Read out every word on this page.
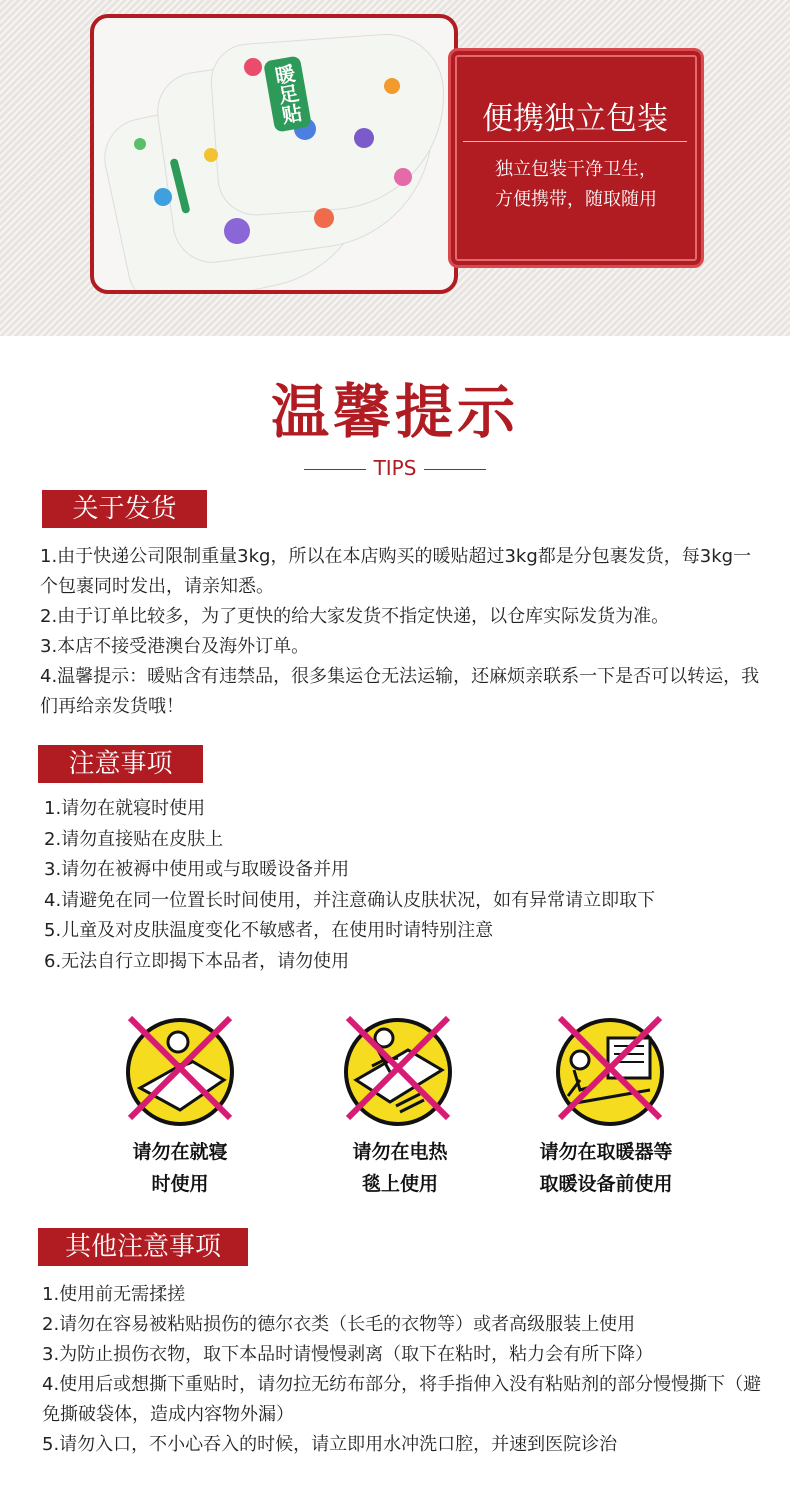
暖足贴	便携独立包装
独立包装干净卫生，
方便携带，随取随用
温馨提示
TIPS
关于发货

1.由于快递公司限制重量3kg，所以在本店购买的暖贴超过3kg都是分包裹发货，每3kg一个包裹同时发出，请亲知悉。

2.由于订单比较多，为了更快的给大家发货不指定快递，以仓库实际发货为准。

3.本店不接受港澳台及海外订单。

4.温馨提示：暖贴含有违禁品，很多集运仓无法运输，还麻烦亲联系一下是否可以转运，我们再给亲发货哦！

注意事项
1.请勿在就寝时使用
2.请勿直接贴在皮肤上
3.请勿在被褥中使用或与取暖设备并用
4.请避免在同一位置长时间使用，并注意确认皮肤状况，如有异常请立即取下
5.儿童及对皮肤温度变化不敏感者，在使用时请特别注意
6.无法自行立即揭下本品者，请勿使用
请勿在就寝
时使用
请勿在电热
毯上使用
请勿在取暖器等
取暖设备前使用
其他注意事项

1.使用前无需揉搓

2.请勿在容易被粘贴损伤的德尔衣类（长毛的衣物等）或者高级服装上使用

3.为防止损伤衣物，取下本品时请慢慢剥离（取下在粘时，粘力会有所下降）

4.使用后或想撕下重贴时，请勿拉无纺布部分，将手指伸入没有粘贴剂的部分慢慢撕下（避免撕破袋体，造成内容物外漏）

5.请勿入口，不小心吞入的时候，请立即用水冲洗口腔，并速到医院诊治
